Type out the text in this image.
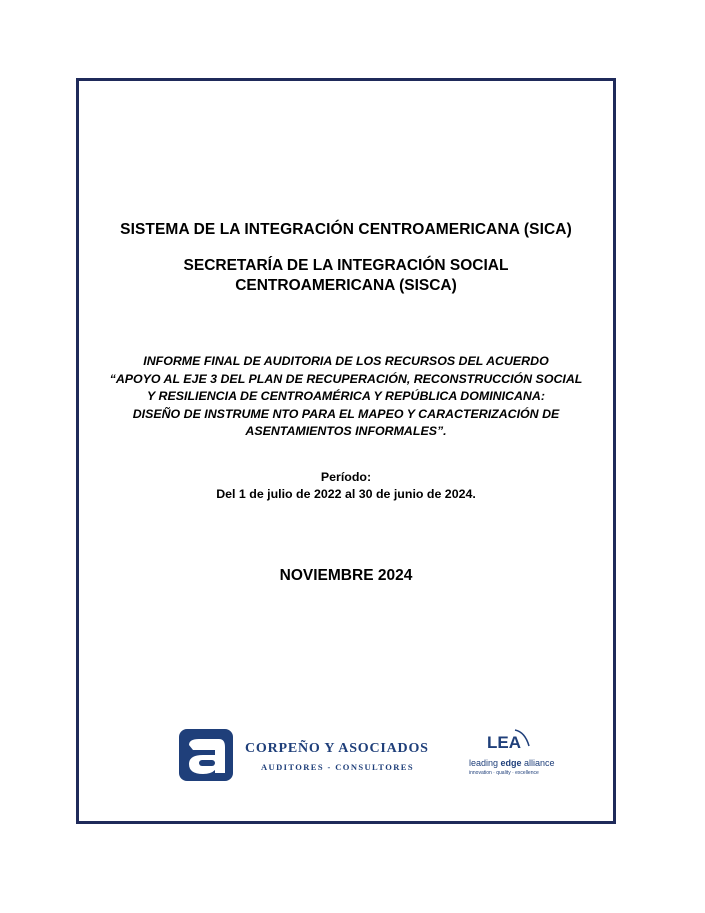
SISTEMA DE LA INTEGRACIÓN CENTROAMERICANA (SICA)
SECRETARÍA DE LA INTEGRACIÓN SOCIAL
CENTROAMERICANA (SISCA)
INFORME FINAL DE AUDITORIA DE LOS RECURSOS DEL ACUERDO
“APOYO AL EJE 3 DEL PLAN DE RECUPERACIÓN, RECONSTRUCCIÓN SOCIAL
Y RESILIENCIA DE CENTROAMÉRICA Y REPÚBLICA DOMINICANA:
DISEÑO DE INSTRUME NTO PARA EL MAPEO Y CARACTERIZACIÓN DE
ASENTAMIENTOS INFORMALES”.
Período:
Del 1 de julio de 2022 al 30 de junio de 2024.
NOVIEMBRE 2024
CORPEÑO Y ASOCIADOS
AUDITORES - CONSULTORES
LEA
leading edge alliance
innovation · quality · excellence
